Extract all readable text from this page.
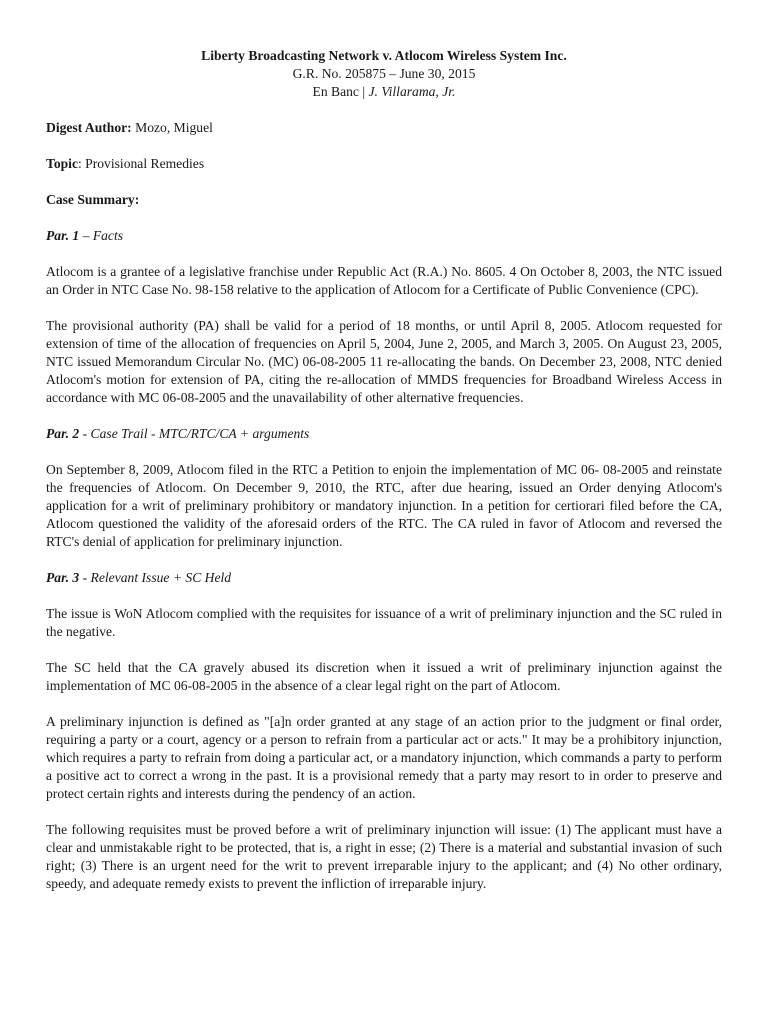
Liberty Broadcasting Network v. Atlocom Wireless System Inc.
G.R. No. 205875 – June 30, 2015
En Banc | J. Villarama, Jr.
Digest Author: Mozo, Miguel
Topic: Provisional Remedies
Case Summary:
Par. 1 – Facts

Atlocom is a grantee of a legislative franchise under Republic Act (R.A.) No. 8605. 4 On October 8, 2003, the NTC issued an Order in NTC Case No. 98-158 relative to the application of Atlocom for a Certificate of Public Convenience (CPC).

The provisional authority (PA) shall be valid for a period of 18 months, or until April 8, 2005. Atlocom requested for extension of time of the allocation of frequencies on April 5, 2004, June 2, 2005, and March 3, 2005. On August 23, 2005, NTC issued Memorandum Circular No. (MC) 06-08-2005 11 re-allocating the bands. On December 23, 2008, NTC denied Atlocom's motion for extension of PA, citing the re-allocation of MMDS frequencies for Broadband Wireless Access in accordance with MC 06-08-2005 and the unavailability of other alternative frequencies.

Par. 2 - Case Trail - MTC/RTC/CA + arguments

On September 8, 2009, Atlocom filed in the RTC a Petition to enjoin the implementation of MC 06- 08-2005 and reinstate the frequencies of Atlocom. On December 9, 2010, the RTC, after due hearing, issued an Order denying Atlocom's application for a writ of preliminary prohibitory or mandatory injunction. In a petition for certiorari filed before the CA, Atlocom questioned the validity of the aforesaid orders of the RTC. The CA ruled in favor of Atlocom and reversed the RTC's denial of application for preliminary injunction.

Par. 3 - Relevant Issue + SC Held

The issue is WoN Atlocom complied with the requisites for issuance of a writ of preliminary injunction and the SC ruled in the negative.

The SC held that the CA gravely abused its discretion when it issued a writ of preliminary injunction against the implementation of MC 06-08-2005 in the absence of a clear legal right on the part of Atlocom.

A preliminary injunction is defined as "[a]n order granted at any stage of an action prior to the judgment or final order, requiring a party or a court, agency or a person to refrain from a particular act or acts." It may be a prohibitory injunction, which requires a party to refrain from doing a particular act, or a mandatory injunction, which commands a party to perform a positive act to correct a wrong in the past. It is a provisional remedy that a party may resort to in order to preserve and protect certain rights and interests during the pendency of an action.

The following requisites must be proved before a writ of preliminary injunction will issue: (1) The applicant must have a clear and unmistakable right to be protected, that is, a right in esse; (2) There is a material and substantial invasion of such right; (3) There is an urgent need for the writ to prevent irreparable injury to the applicant; and (4) No other ordinary, speedy, and adequate remedy exists to prevent the infliction of irreparable injury.
